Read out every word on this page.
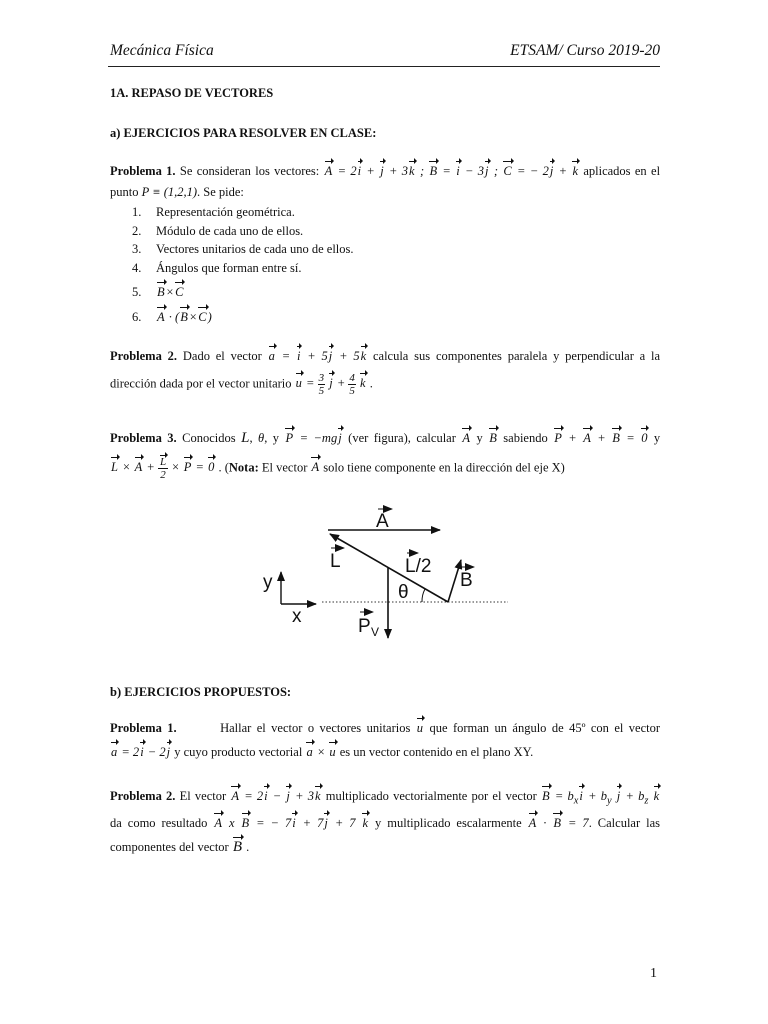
Mecánica Física	ETSAM/ Curso 2019-20
1A. REPASO DE VECTORES
a) EJERCICIOS PARA RESOLVER EN CLASE:
Problema 1. Se consideran los vectores: A = 2i + j + 3k ; B = i − 3j ; C = − 2j + k aplicados en el
punto P ≡ (1,2,1). Se pide:
1. Representación geométrica.
2. Módulo de cada uno de ellos.
3. Vectores unitarios de cada uno de ellos.
4. Ángulos que forman entre sí.
5. B×C
6. A · (B×C)
Problema 2. Dado el vector a = i + 5j + 5k calcula sus componentes paralela y perpendicular a la
dirección dada por el vector unitario $u = \frac{3}{5}$ $j + \frac{4}{5}$ k .
Problema 3. Conocidos L, θ, y P = −mgj (ver figura), calcular A y B sabiendo P + A + B = 0 y
$L \times A + \frac{L}{2} \times P = 0$ . (Nota: El vector A solo tiene componente en la dirección del eje X)
A
L	L/2
B
θ
P V
y
x
b) EJERCICIOS PROPUESTOS:
Problema 1.	Hallar el vector o vectores unitarios u que forman un ángulo de 45º con el vector
a = 2i − 2j y cuyo producto vectorial a × u es un vector contenido en el plano XY.
Problema 2. El vector A = 2i − j + 3k multiplicado vectorialmente por el vector $B = b_xi + b_y$ $j + b_z$ k
da como resultado A x B = − 7i + 7j + 7 k y multiplicado escalarmente A · B = 7. Calcular las
componentes del vector B .
1
